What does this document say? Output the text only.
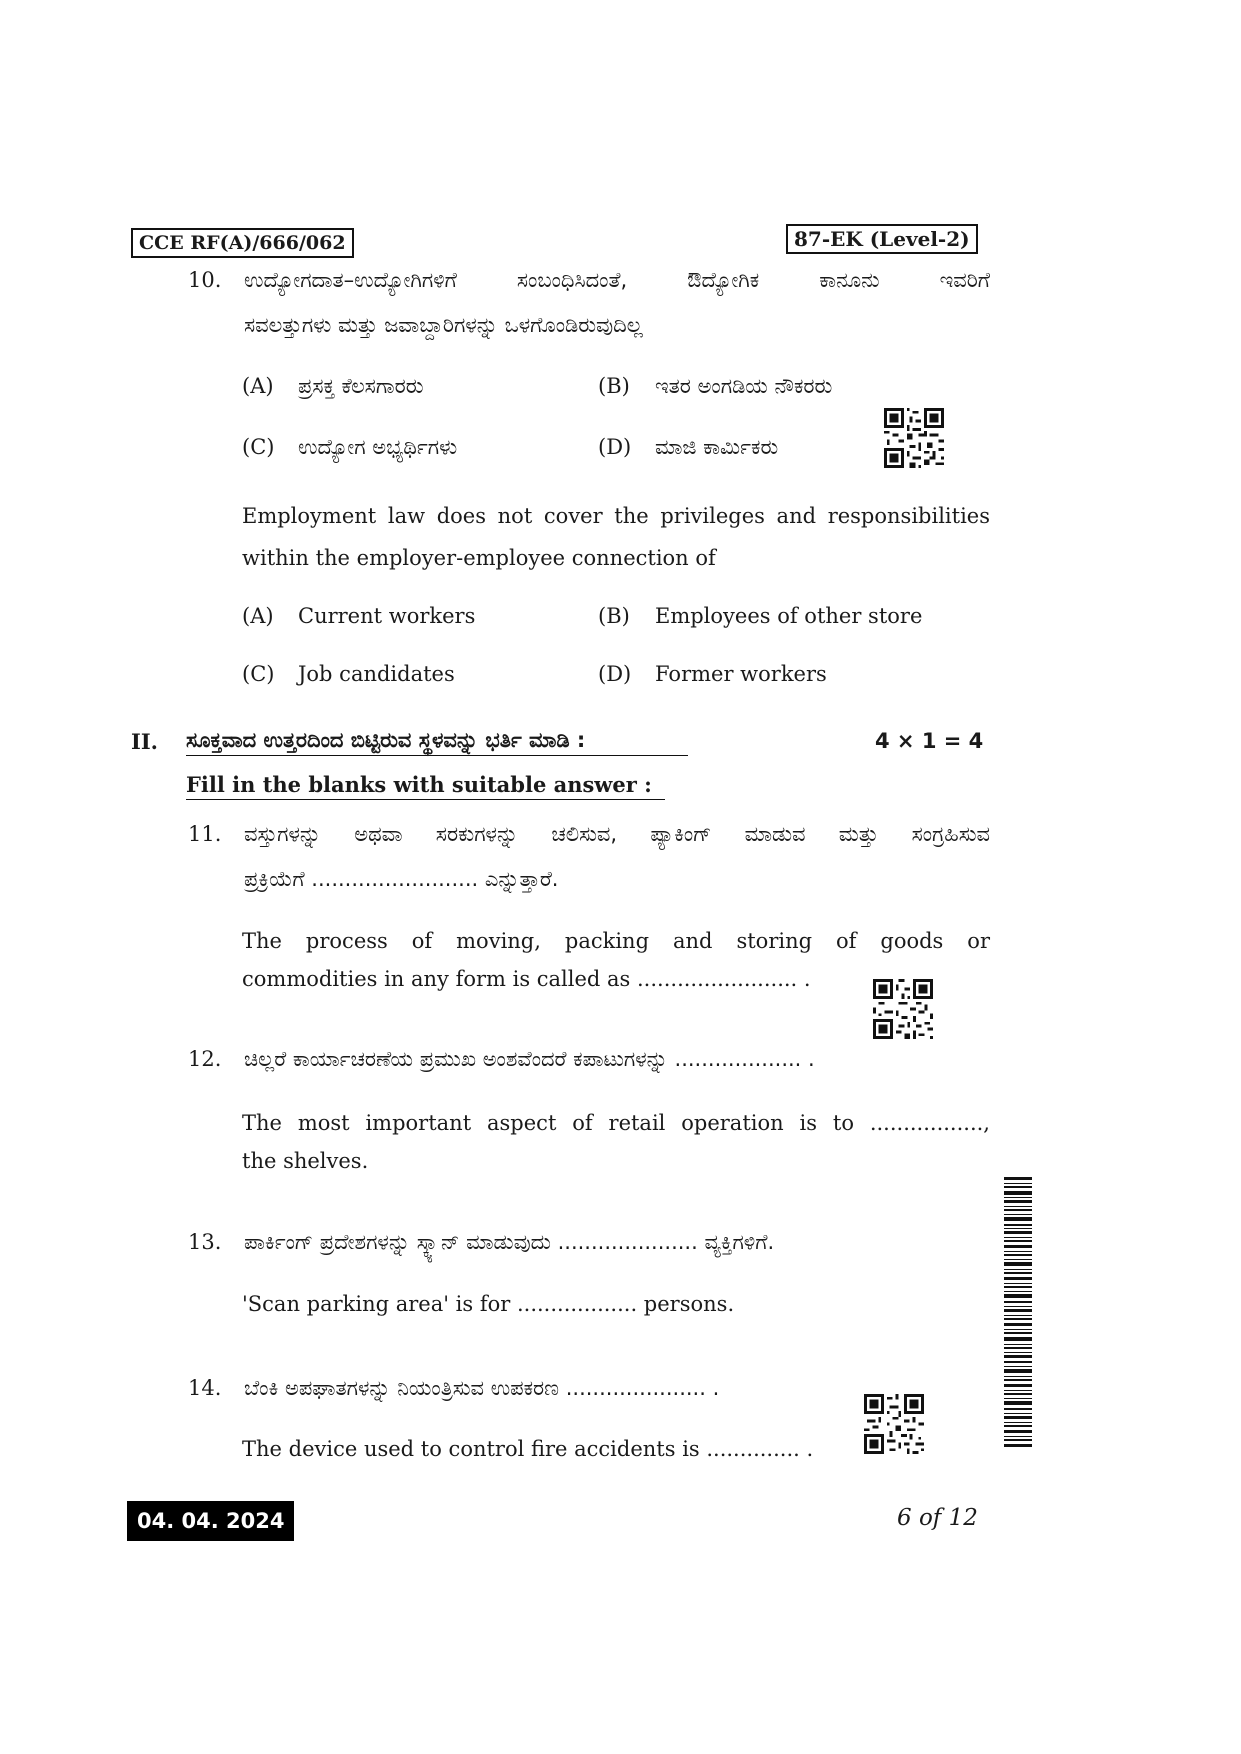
CCE RF(A)/666/062	87-EK (Level-2)
10. ಉದ್ಯೋಗದಾತ–ಉದ್ಯೋಗಿಗಳಿಗೆ ಸಂಬಂಧಿಸಿದಂತೆ, ಔದ್ಯೋಗಿಕ ಕಾನೂನು ಇವರಿಗೆ
ಸವಲತ್ತುಗಳು ಮತ್ತು ಜವಾಬ್ದಾರಿಗಳನ್ನು ಒಳಗೊಂಡಿರುವುದಿಲ್ಲ
(A) ಪ್ರಸಕ್ತ ಕೆಲಸಗಾರರು	(B) ಇತರ ಅಂಗಡಿಯ ನೌಕರರು
(C) ಉದ್ಯೋಗ ಅಭ್ಯರ್ಥಿಗಳು	(D) ಮಾಜಿ ಕಾರ್ಮಿಕರು
Employment law does not cover the privileges and responsibilities
within the employer-employee connection of
(A) Current workers	(B) Employees of other store
(C) Job candidates	(D) Former workers
II. ಸೂಕ್ತವಾದ ಉತ್ತರದಿಂದ ಬಿಟ್ಟಿರುವ ಸ್ಥಳವನ್ನು ಭರ್ತಿ ಮಾಡಿ :	4 × 1 = 4
Fill in the blanks with suitable answer :
11. ವಸ್ತುಗಳನ್ನು ಅಥವಾ ಸರಕುಗಳನ್ನು ಚಲಿಸುವ, ಪ್ಯಾಕಿಂಗ್ ಮಾಡುವ ಮತ್ತು ಸಂಗ್ರಹಿಸುವ
ಪ್ರಕ್ರಿಯೆಗೆ ......................... ಎನ್ನುತ್ತಾರೆ.
The process of moving, packing and storing of goods or
commodities in any form is called as ........................ .
12. ಚಿಲ್ಲರೆ ಕಾರ್ಯಾಚರಣೆಯ ಪ್ರಮುಖ ಅಂಶವೆಂದರೆ ಕಪಾಟುಗಳನ್ನು ................... .
The most important aspect of retail operation is to .................,
the shelves.
13. ಪಾರ್ಕಿಂಗ್ ಪ್ರದೇಶಗಳನ್ನು ಸ್ಕ್ಯಾನ್ ಮಾಡುವುದು ..................... ವ್ಯಕ್ತಿಗಳಿಗೆ.
'Scan parking area' is for .................. persons.
14. ಬೆಂಕಿ ಅಪಘಾತಗಳನ್ನು ನಿಯಂತ್ರಿಸುವ ಉಪಕರಣ ..................... .
The device used to control fire accidents is .............. .
04. 04. 2024	6 of 12
